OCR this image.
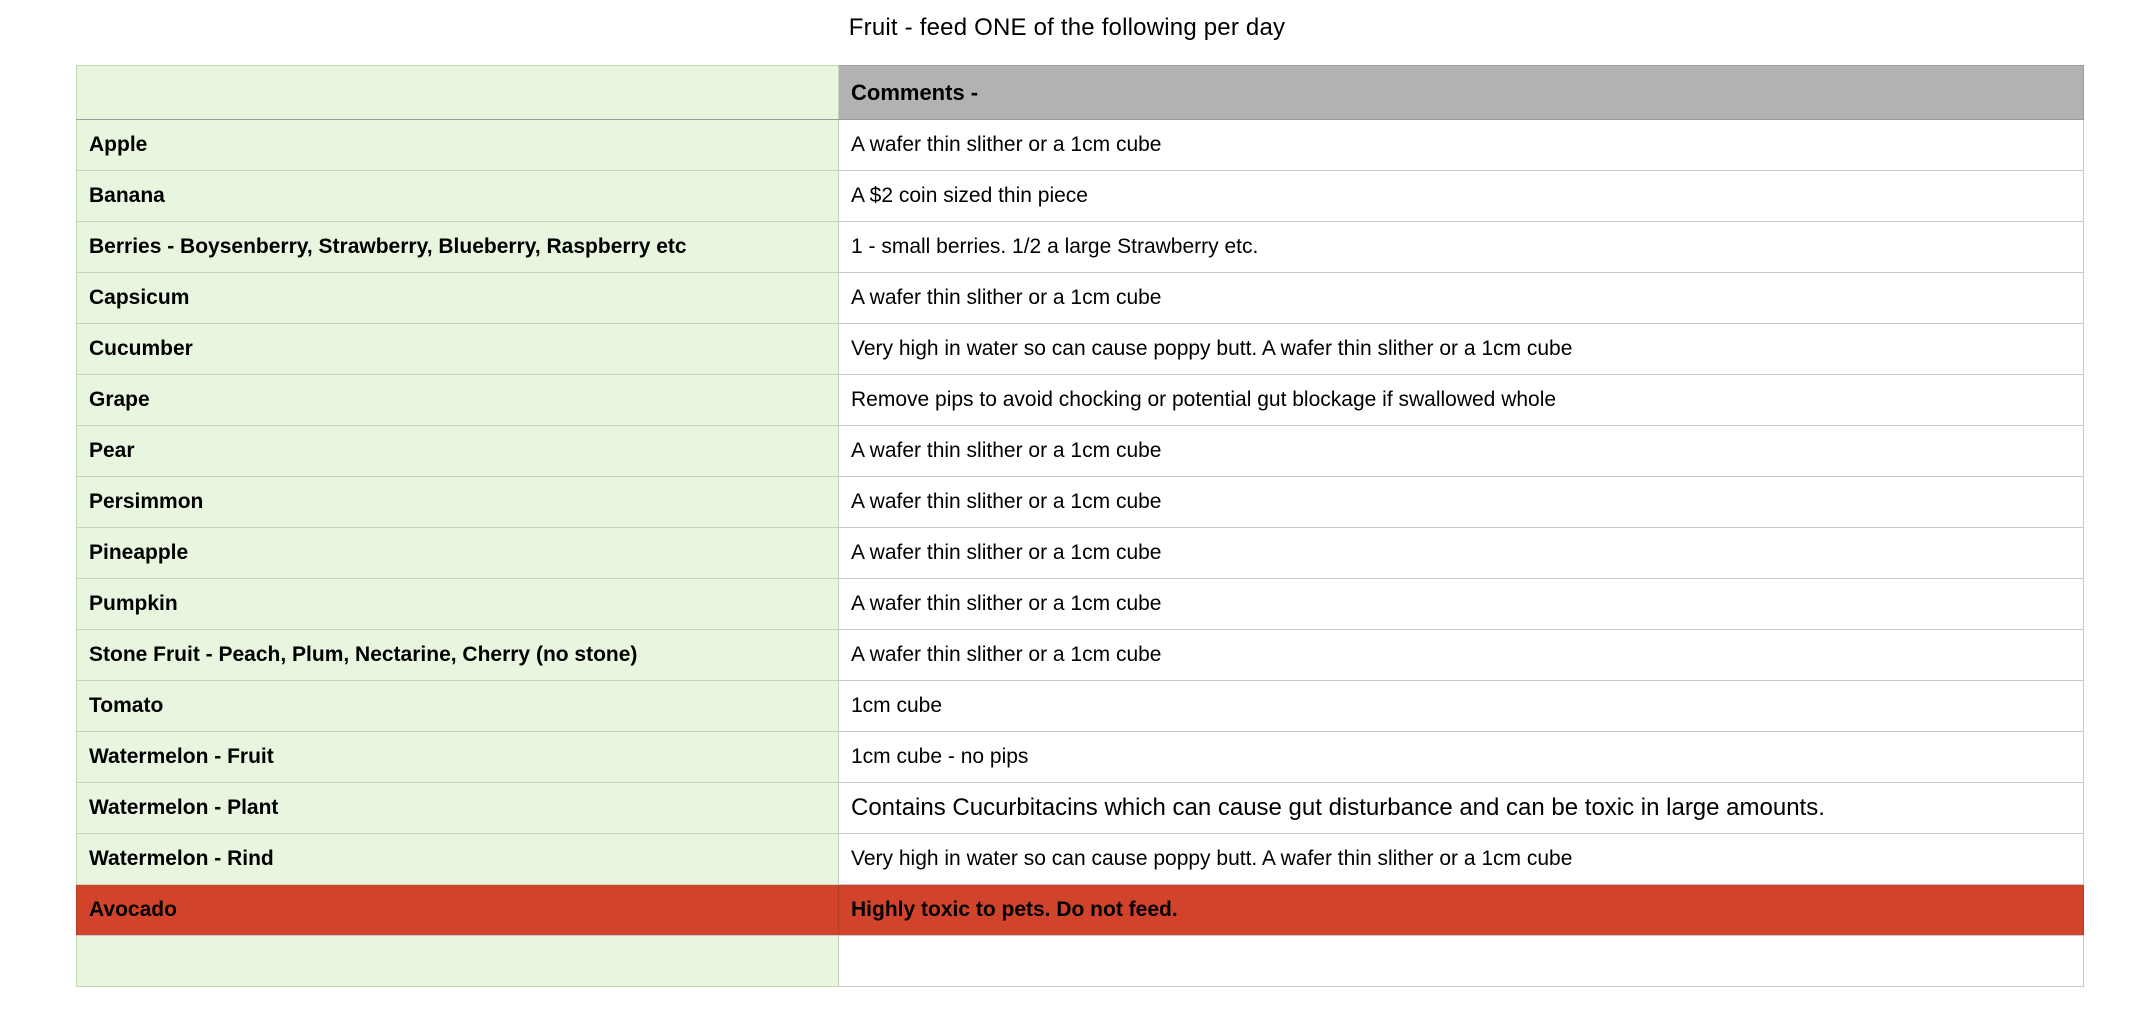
Fruit - feed ONE of the following per day
	Comments -
Apple	A wafer thin slither or a 1cm cube
Banana	A $2 coin sized thin piece
Berries - Boysenberry, Strawberry, Blueberry, Raspberry etc	1 - small berries. 1/2 a large Strawberry etc.
Capsicum	A wafer thin slither or a 1cm cube
Cucumber	Very high in water so can cause poppy butt. A wafer thin slither or a 1cm cube
Grape	Remove pips to avoid chocking or potential gut blockage if swallowed whole
Pear	A wafer thin slither or a 1cm cube
Persimmon	A wafer thin slither or a 1cm cube
Pineapple	A wafer thin slither or a 1cm cube
Pumpkin	A wafer thin slither or a 1cm cube
Stone Fruit - Peach, Plum, Nectarine, Cherry (no stone)	A wafer thin slither or a 1cm cube
Tomato	1cm cube
Watermelon - Fruit	1cm cube - no pips
Watermelon - Plant	Contains Cucurbitacins which can cause gut disturbance and can be toxic in large amounts.
Watermelon - Rind	Very high in water so can cause poppy butt. A wafer thin slither or a 1cm cube
Avocado	Highly toxic to pets. Do not feed.
